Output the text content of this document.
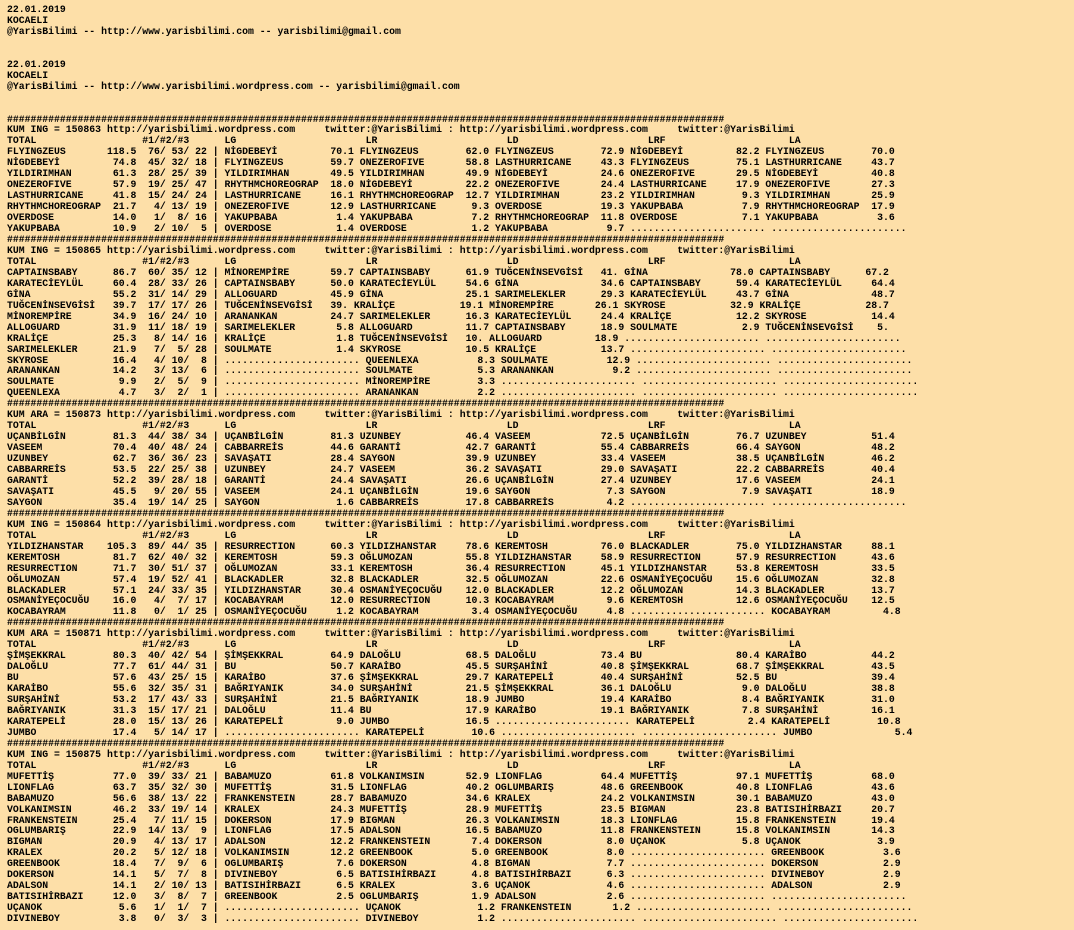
22.01.2019
KOCAELI
@YarisBilimi -- http://www.yarisbilimi.com -- yarisbilimi@gmail.com

22.01.2019
KOCAELI
@YarisBilimi -- http://www.yarisbilimi.wordpress.com -- yarisbilimi@gmail.com

##########################################################################################################################
KUM ING = 150863 http://yarisbilimi.wordpress.com     twitter:@YarisBilimi : http://yarisbilimi.wordpress.com     twitter:@YarisBilimi
TOTAL                  #1/#2/#3      LG                      LR                      LD                      LRF                     LA
FLYINGZEUS       118.5  76/ 53/ 22 | NİGDEBEYİ         70.1 FLYINGZEUS        62.0 FLYINGZEUS        72.9 NİGDEBEYİ         82.2 FLYINGZEUS        70.0
NİGDEBEYİ         74.8  45/ 32/ 18 | FLYINGZEUS        59.7 ONEZEROFIVE       58.8 LASTHURRICANE     43.3 FLYINGZEUS        75.1 LASTHURRICANE     43.7
YILDIRIMHAN       61.3  28/ 25/ 39 | YILDIRIMHAN       49.5 YILDIRIMHAN       49.9 NİGDEBEYİ         24.6 ONEZEROFIVE       29.5 NİGDEBEYİ         40.8
ONEZEROFIVE       57.9  19/ 25/ 47 | RHYTHMCHOREOGRAP  18.0 NİGDEBEYİ         22.2 ONEZEROFIVE       24.4 LASTHURRICANE     17.9 ONEZEROFIVE       27.3
LASTHURRICANE     41.8  15/ 24/ 24 | LASTHURRICANE     16.1 RHYTHMCHOREOGRAP  12.7 YILDIRIMHAN       23.2 YILDIRIMHAN        9.3 YILDIRIMHAN       25.9
RHYTHMCHOREOGRAP  21.7   4/ 13/ 19 | ONEZEROFIVE       12.9 LASTHURRICANE      9.3 OVERDOSE          19.3 YAKUPBABA          7.9 RHYTHMCHOREOGRAP  17.9
OVERDOSE          14.0   1/  8/ 16 | YAKUPBABA          1.4 YAKUPBABA          7.2 RHYTHMCHOREOGRAP  11.8 OVERDOSE           7.1 YAKUPBABA          3.6
YAKUPBABA         10.9   2/ 10/  5 | OVERDOSE           1.4 OVERDOSE           1.2 YAKUPBABA          9.7 ....................... .......................
##########################################################################################################################
KUM ING = 150865 http://yarisbilimi.wordpress.com     twitter:@YarisBilimi : http://yarisbilimi.wordpress.com     twitter:@YarisBilimi
TOTAL                  #1/#2/#3      LG                      LR                      LD                      LRF                     LA
CAPTAINSBABY      86.7  60/ 35/ 12 | MİNOREMPİRE       59.7 CAPTAINSBABY      61.9 TUĞCENİNSEVGİSİ   41. GİNA              78.0 CAPTAINSBABY      67.2
KARATECİEYLÜL     60.4  28/ 33/ 26 | CAPTAINSBABY      50.0 KARATECİEYLÜL     54.6 GİNA              34.6 CAPTAINSBABY      59.4 KARATECİEYLÜL     64.4
GİNA              55.2  31/ 14/ 29 | ALLOGUARD         45.9 GİNA              25.1 SARIMELEKLER      29.3 KARATECİEYLÜL     43.7 GİNA              48.7
TUĞCENİNSEVGİSİ   39.7  17/ 17/ 26 | TUĞCENİNSEVGİSİ   39. KRALİÇE           19.1 MİNOREMPİRE       26.1 SKYROSE           32.9 KRALİÇE           28.7
MİNOREMPİRE       34.9  16/ 24/ 10 | ARANANKAN         24.7 SARIMELEKLER      16.3 KARATECİEYLÜL     24.4 KRALİÇE           12.2 SKYROSE           14.4
ALLOGUARD         31.9  11/ 18/ 19 | SARIMELEKLER       5.8 ALLOGUARD         11.7 CAPTAINSBABY      18.9 SOULMATE           2.9 TUĞCENİNSEVGİSİ    5.
KRALİÇE           25.3   8/ 14/ 16 | KRALİÇE            1.8 TUĞCENİNSEVGİSİ   10. ALLOGUARD         18.9 ....................... .......................
SARIMELEKLER      21.9   7/  5/ 28 | SOULMATE           1.4 SKYROSE           10.5 KRALİÇE           13.7 ....................... .......................
SKYROSE           16.4   4/ 10/  8 | ....................... QUEENLEXA          8.3 SOULMATE          12.9 ....................... .......................
ARANANKAN         14.2   3/ 13/  6 | ....................... SOULMATE           5.3 ARANANKAN          9.2 ....................... .......................
SOULMATE           9.9   2/  5/  9 | ....................... MİNOREMPİRE        3.3 ....................... ....................... .......................
QUEENLEXA          4.7   3/  2/  1 | ....................... ARANANKAN          2.2 ....................... ....................... .......................
##########################################################################################################################
KUM ARA = 150873 http://yarisbilimi.wordpress.com     twitter:@YarisBilimi : http://yarisbilimi.wordpress.com     twitter:@YarisBilimi
TOTAL                  #1/#2/#3      LG                      LR                      LD                      LRF                     LA
UÇANBİLGİN        81.3  44/ 38/ 34 | UÇANBİLGİN        81.3 UZUNBEY           46.4 VASEEM            72.5 UÇANBİLGİN        76.7 UZUNBEY           51.4
VASEEM            70.4  40/ 48/ 24 | CABBARREİS        44.6 GARANTİ           42.7 GARANTİ           55.4 CABBARREİS        66.4 SAYGON            48.2
UZUNBEY           62.7  36/ 36/ 23 | SAVAŞATI          28.4 SAYGON            39.9 UZUNBEY           33.4 VASEEM            38.5 UÇANBİLGİN        46.2
CABBARREİS        53.5  22/ 25/ 38 | UZUNBEY           24.7 VASEEM            36.2 SAVAŞATI          29.0 SAVAŞATI          22.2 CABBARREİS        40.4
GARANTİ           52.2  39/ 28/ 18 | GARANTİ           24.4 SAVAŞATI          26.6 UÇANBİLGİN        27.4 UZUNBEY           17.6 VASEEM            24.1
SAVAŞATI          45.5   9/ 20/ 55 | VASEEM            24.1 UÇANBİLGİN        19.6 SAYGON             7.3 SAYGON             7.9 SAVAŞATI          18.9
SAYGON            35.4  19/ 14/ 25 | SAYGON             1.6 CABBARREİS        17.8 CABBARREİS         4.2 ....................... .......................
##########################################################################################################################
KUM ING = 150864 http://yarisbilimi.wordpress.com     twitter:@YarisBilimi : http://yarisbilimi.wordpress.com     twitter:@YarisBilimi
TOTAL                  #1/#2/#3      LG                      LR                      LD                      LRF                     LA
YILDIZHANSTAR    105.3  89/ 44/ 35 | RESURRECTION      60.3 YILDIZHANSTAR     78.6 KEREMTOSH         76.0 BLACKADLER        75.0 YILDIZHANSTAR     88.1
KEREMTOSH         81.7  62/ 40/ 32 | KEREMTOSH         59.3 OĞLUMOZAN         55.8 YILDIZHANSTAR     58.9 RESURRECTION      57.9 RESURRECTION      43.6
RESURRECTION      71.7  30/ 51/ 37 | OĞLUMOZAN         33.1 KEREMTOSH         36.4 RESURRECTION      45.1 YILDIZHANSTAR     53.8 KEREMTOSH         33.5
OĞLUMOZAN         57.4  19/ 52/ 41 | BLACKADLER        32.8 BLACKADLER        32.5 OĞLUMOZAN         22.6 OSMANİYEÇOCUĞU    15.6 OĞLUMOZAN         32.8
BLACKADLER        57.1  24/ 33/ 35 | YILDIZHANSTAR     30.4 OSMANİYEÇOCUĞU    12.0 BLACKADLER        12.2 OĞLUMOZAN         14.3 BLACKADLER        13.7
OSMANİYEÇOCUĞU    16.0   4/  7/ 17 | KOCABAYRAM        12.0 RESURRECTION      10.3 KOCABAYRAM         9.6 KEREMTOSH         12.6 OSMANİYEÇOCUĞU    12.5
KOCABAYRAM        11.8   0/  1/ 25 | OSMANİYEÇOCUĞU     1.2 KOCABAYRAM         3.4 OSMANİYEÇOCUĞU     4.8 ....................... KOCABAYRAM         4.8
##########################################################################################################################
KUM ARA = 150871 http://yarisbilimi.wordpress.com     twitter:@YarisBilimi : http://yarisbilimi.wordpress.com     twitter:@YarisBilimi
TOTAL                  #1/#2/#3      LG                      LR                      LD                      LRF                     LA
ŞİMŞEKKRAL        80.3  40/ 42/ 54 | ŞİMŞEKKRAL        64.9 DALOĞLU           68.5 DALOĞLU           73.4 BU                80.4 KARAİBO           44.2
DALOĞLU           77.7  61/ 44/ 31 | BU                50.7 KARAİBO           45.5 SURŞAHİNİ         40.8 ŞİMŞEKKRAL        68.7 ŞİMŞEKKRAL        43.5
BU                57.6  43/ 25/ 15 | KARAİBO           37.6 ŞİMŞEKKRAL        29.7 KARATEPELİ        40.4 SURŞAHİNİ         52.5 BU                39.4
KARAİBO           55.6  32/ 35/ 31 | BAĞRIYANIK        34.0 SURŞAHİNİ         21.5 ŞİMŞEKKRAL        36.1 DALOĞLU            9.0 DALOĞLU           38.8
SURŞAHİNİ         53.2  17/ 43/ 33 | SURŞAHİNİ         21.5 BAĞRIYANIK        18.9 JUMBO             19.4 KARAİBO            8.4 BAĞRIYANIK        31.0
BAĞRIYANIK        31.3  15/ 17/ 21 | DALOĞLU           11.4 BU                17.9 KARAİBO           19.1 BAĞRIYANIK         7.8 SURŞAHİNİ         16.1
KARATEPELİ        28.0  15/ 13/ 26 | KARATEPELİ         9.0 JUMBO             16.5 ....................... KARATEPELİ         2.4 KARATEPELİ        10.8
JUMBO             17.4   5/ 14/ 17 | ....................... KARATEPELİ        10.6 ....................... ....................... JUMBO              5.4
##########################################################################################################################
KUM ING = 150875 http://yarisbilimi.wordpress.com     twitter:@YarisBilimi : http://yarisbilimi.wordpress.com     twitter:@YarisBilimi
TOTAL                  #1/#2/#3      LG                      LR                      LD                      LRF                     LA
MUFETTİŞ          77.0  39/ 33/ 21 | BABAMUZO          61.8 VOLKANIMSIN       52.9 LIONFLAG          64.4 MUFETTİŞ          97.1 MUFETTİŞ          68.0
LIONFLAG          63.7  35/ 32/ 30 | MUFETTİŞ          31.5 LIONFLAG          40.2 OGLUMBARIŞ        48.6 GREENBOOK         40.8 LIONFLAG          43.6
BABAMUZO          56.6  38/ 13/ 22 | FRANKENSTEIN      28.7 BABAMUZO          34.6 KRALEX            24.2 VOLKANIMSIN       30.1 BABAMUZO          43.0
VOLKANIMSIN       46.2  33/ 19/ 14 | KRALEX            24.3 MUFETTİŞ          28.9 MUFETTİŞ          23.5 BIGMAN            23.8 BATISIHİRBAZI     20.7
FRANKENSTEIN      25.4   7/ 11/ 15 | DOKERSON          17.9 BIGMAN            26.3 VOLKANIMSIN       18.3 LIONFLAG          15.8 FRANKENSTEIN      19.4
OGLUMBARIŞ        22.9  14/ 13/  9 | LIONFLAG          17.5 ADALSON           16.5 BABAMUZO          11.8 FRANKENSTEIN      15.8 VOLKANIMSIN       14.3
BIGMAN            20.9   4/ 13/ 17 | ADALSON           12.2 FRANKENSTEIN       7.4 DOKERSON           8.0 UÇANOK             5.8 UÇANOK             3.9
KRALEX            20.2   5/ 12/ 18 | VOLKANIMSIN       12.2 GREENBOOK          5.0 GREENBOOK          8.0 ....................... GREENBOOK          3.6
GREENBOOK         18.4   7/  9/  6 | OGLUMBARIŞ         7.6 DOKERSON           4.8 BIGMAN             7.7 ....................... DOKERSON           2.9
DOKERSON          14.1   5/  7/  8 | DIVINEBOY          6.5 BATISIHİRBAZI      4.8 BATISIHİRBAZI      6.3 ....................... DIVINEBOY          2.9
ADALSON           14.1   2/ 10/ 13 | BATISIHİRBAZI      6.5 KRALEX             3.6 UÇANOK             4.6 ....................... ADALSON            2.9
BATISIHİRBAZI     12.0   3/  8/  7 | GREENBOOK          2.5 OGLUMBARIŞ         1.9 ADALSON            2.6 ....................... .......................
UÇANOK             5.6   1/  1/  7 | ....................... UÇANOK             1.2 FRANKENSTEIN       1.2 ....................... .......................
DIVINEBOY          3.8   0/  3/  3 | ....................... DIVINEBOY          1.2 ....................... ....................... .......................
